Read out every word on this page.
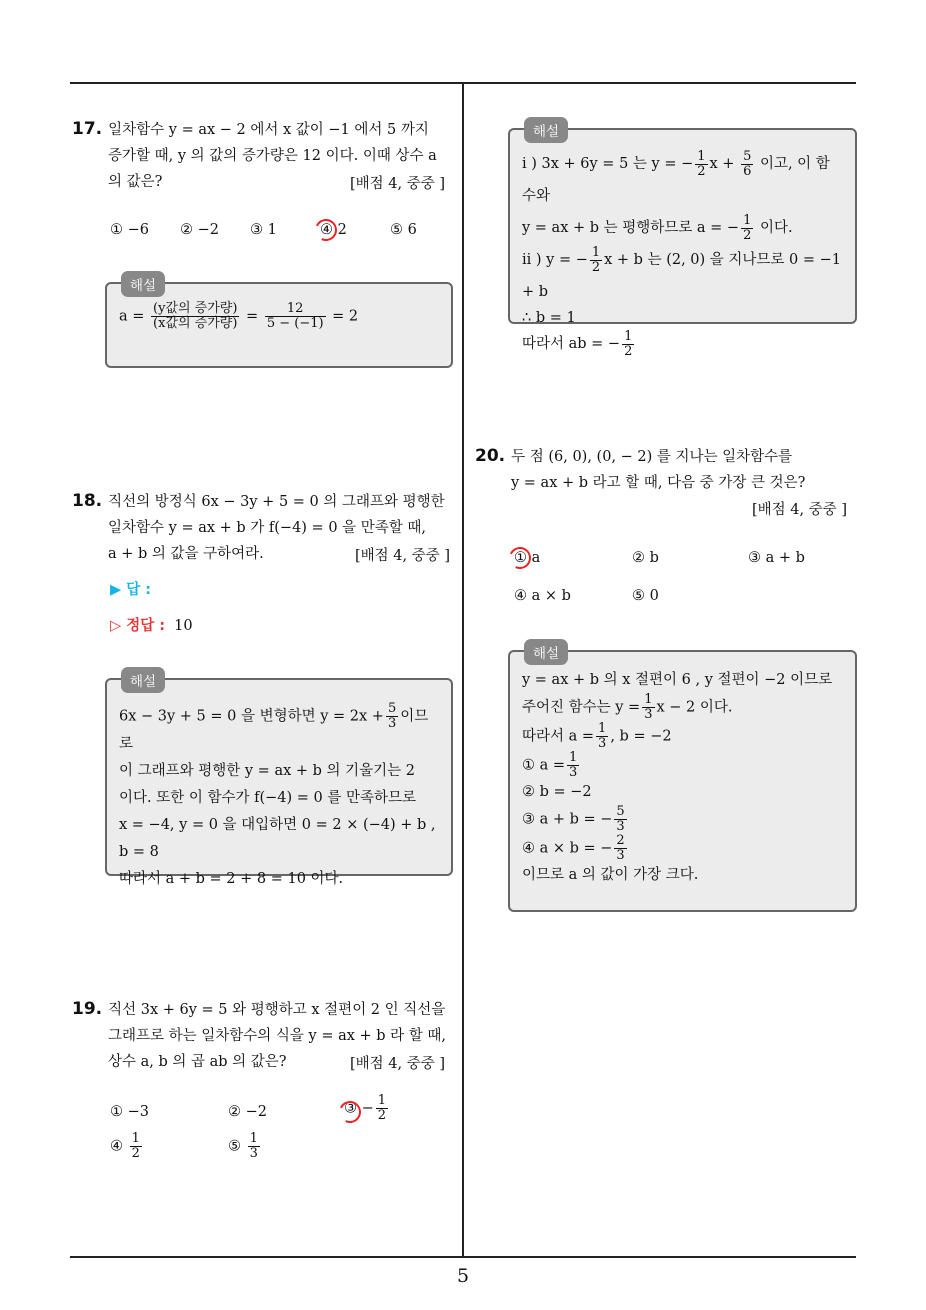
5
17. 일차함수 y = ax − 2 에서 x 값이 −1 에서 5 까지
증가할 때, y 의 값의 증가량은 12 이다. 이때 상수 a
의 값은?	[배점 4, 중중 ]
① −6 ② −2 ③ 1	④ 2	⑤ 6
해설
$a = \frac{\text{(y값의 증가량)}}{\text{(x값의 증가량)}} = \frac{12}{5 - (-1)} = 2$
18. 직선의 방정식 6x − 3y + 5 = 0 의 그래프와 평행한
일차함수 y = ax + b 가 f(−4) = 0 을 만족할 때,
a + b 의 값을 구하여라.	[배점 4, 중중 ]
▶ 답 :
▷ 정답 : 10
해설
6x − 3y + 5 = 0 을 변형하면 $y = 2x + \frac{5}{3}$ 이므로
이 그래프와 평행한 y = ax + b 의 기울기는 2
이다. 또한 이 함수가 f(−4) = 0 를 만족하므로
x = −4, y = 0 을 대입하면 0 = 2 × (−4) + b ,
b = 8
따라서 a + b = 2 + 8 = 10 이다.
19. 직선 3x + 6y = 5 와 평행하고 x 절편이 2 인 직선을
그래프로 하는 일차함수의 식을 y = ax + b 라 할 때,
상수 a, b 의 곱 ab 의 값은?	[배점 4, 중중 ]
① −3	② −2	③ − $\frac{1}{2}$
④ $\frac{1}{2}$	⑤ $\frac{1}{3}$
해설
i ) 3x + 6y = 5 는 y = − $\frac{1}{2}$ $x + \frac{5}{6}$ 이고, 이 함수와
y = ax + b 는 평행하므로 a = − $\frac{1}{2}$ 이다.
ii ) y = − $\frac{1}{2}$ x + b 는 (2, 0) 을 지나므로 0 = −1 + b
∴ b = 1
따라서 ab = − $\frac{1}{2}$
20. 두 점 (6, 0), (0, − 2) 를 지나는 일차함수를
y = ax + b 라고 할 때, 다음 중 가장 큰 것은?
[배점 4, 중중 ]
① a	② b	③ a + b
④ a × b	⑤ 0
해설
y = ax + b 의 x 절편이 6 , y 절편이 −2 이므로
주어진 함수는 $y = \frac{1}{3}$ x − 2 이다.
따라서 $a = \frac{1}{3}$ , b = −2
① $a = \frac{1}{3}$
② b = −2
③ a + b = − $\frac{5}{3}$
④ a × b = − $\frac{2}{3}$
이므로 a 의 값이 가장 크다.
